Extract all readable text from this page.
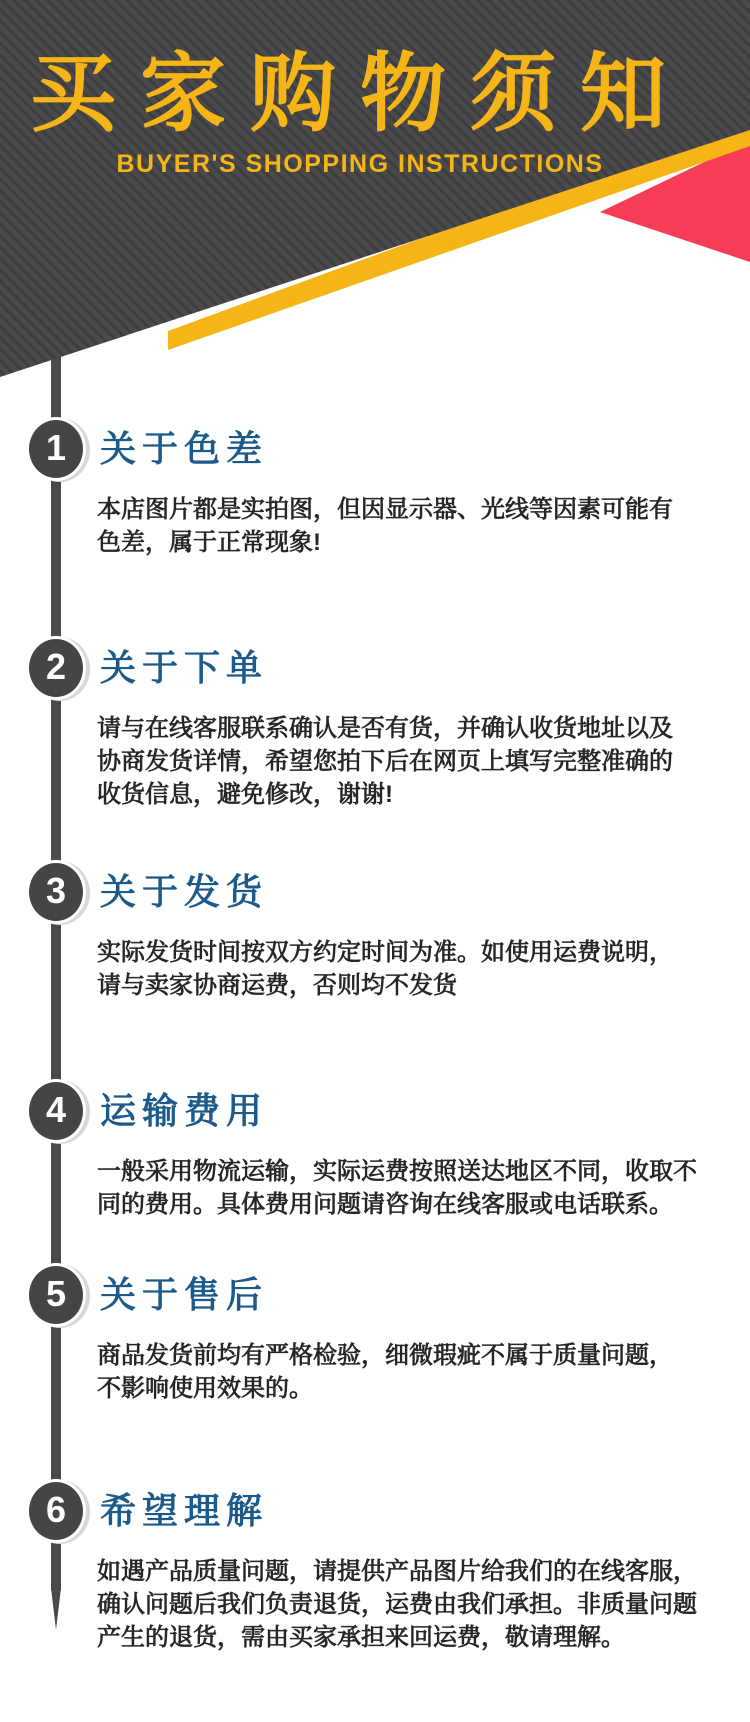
买家购物须知
BUYER'S SHOPPING INSTRUCTIONS
1 关于色差
本店图片都是实拍图，但因显示器、光线等因素可能有
色差，属于正常现象!
2 关于下单
请与在线客服联系确认是否有货，并确认收货地址以及
协商发货详情，希望您拍下后在网页上填写完整准确的
收货信息，避免修改，谢谢!
3 关于发货
实际发货时间按双方约定时间为准。如使用运费说明，
请与卖家协商运费，否则均不发货
4 运输费用
一般采用物流运输，实际运费按照送达地区不同，收取不
同的费用。具体费用问题请咨询在线客服或电话联系。
5 关于售后
商品发货前均有严格检验，细微瑕疵不属于质量问题，
不影响使用效果的。
6 希望理解
如遇产品质量问题，请提供产品图片给我们的在线客服，
确认问题后我们负责退货，运费由我们承担。非质量问题
产生的退货，需由买家承担来回运费，敬请理解。
